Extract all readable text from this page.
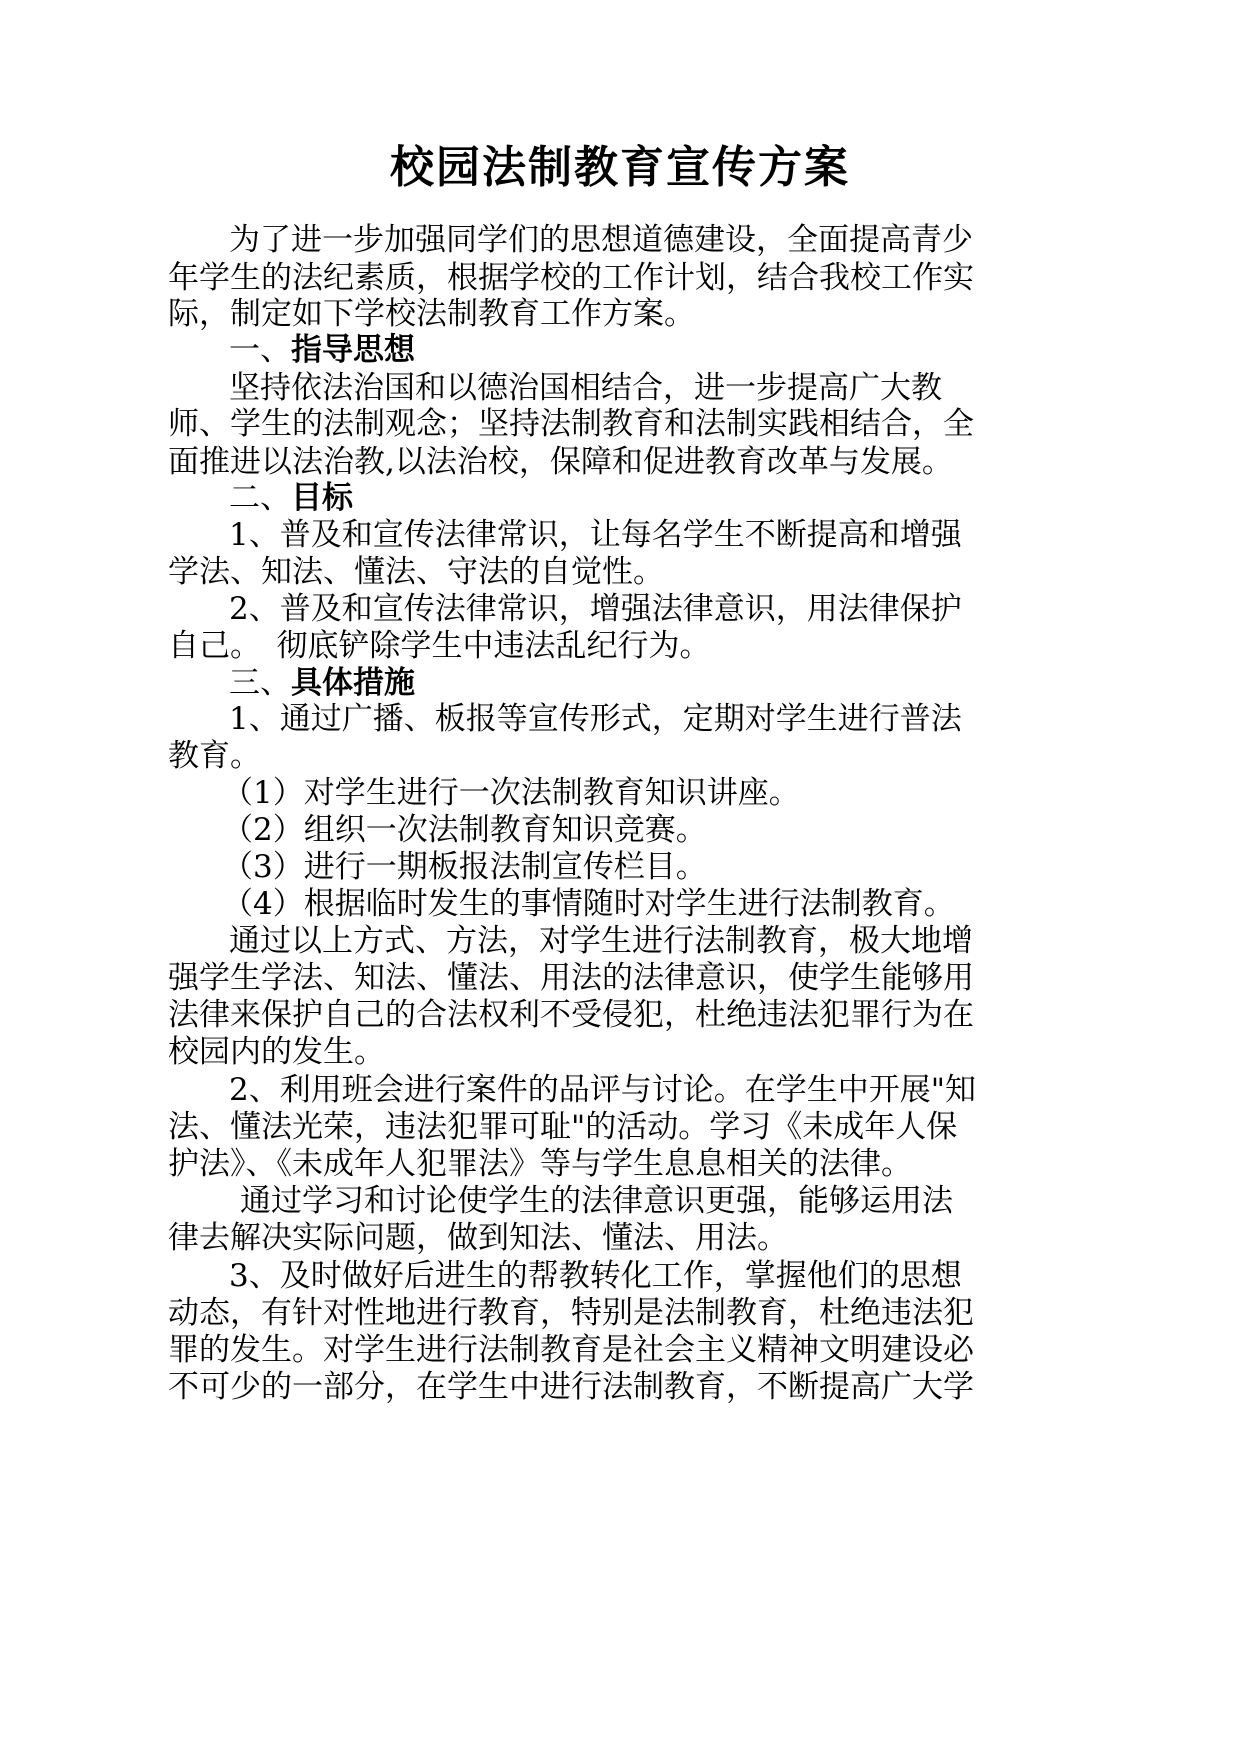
校园法制教育宣传方案
为了进一步加强同学们的思想道德建设，全面提高青少
年学生的法纪素质，根据学校的工作计划，结合我校工作实
际，制定如下学校法制教育工作方案。
一、指导思想
坚持依法治国和以德治国相结合，进一步提高广大教
师、学生的法制观念；坚持法制教育和法制实践相结合，全
面推进以法治教,以法治校，保障和促进教育改革与发展。
二、目标
1、普及和宣传法律常识，让每名学生不断提高和增强
学法、知法、懂法、守法的自觉性。
2、普及和宣传法律常识，增强法律意识，用法律保护
自己。　彻底铲除学生中违法乱纪行为。
三、具体措施
1、通过广播、板报等宣传形式，定期对学生进行普法
教育。
（1）对学生进行一次法制教育知识讲座。
（2）组织一次法制教育知识竞赛。
（3）进行一期板报法制宣传栏目。
（4）根据临时发生的事情随时对学生进行法制教育。
通过以上方式、方法，对学生进行法制教育，极大地增
强学生学法、知法、懂法、用法的法律意识，使学生能够用
法律来保护自己的合法权利不受侵犯，杜绝违法犯罪行为在
校园内的发生。
2、利用班会进行案件的品评与讨论。在学生中开展"知
法、懂法光荣，违法犯罪可耻"的活动。学习《未成年人保
护法》、《未成年人犯罪法》等与学生息息相关的法律。
通过学习和讨论使学生的法律意识更强，能够运用法
律去解决实际问题，做到知法、懂法、用法。
3、及时做好后进生的帮教转化工作，掌握他们的思想
动态，有针对性地进行教育，特别是法制教育，杜绝违法犯
罪的发生。对学生进行法制教育是社会主义精神文明建设必
不可少的一部分，在学生中进行法制教育，不断提高广大学
